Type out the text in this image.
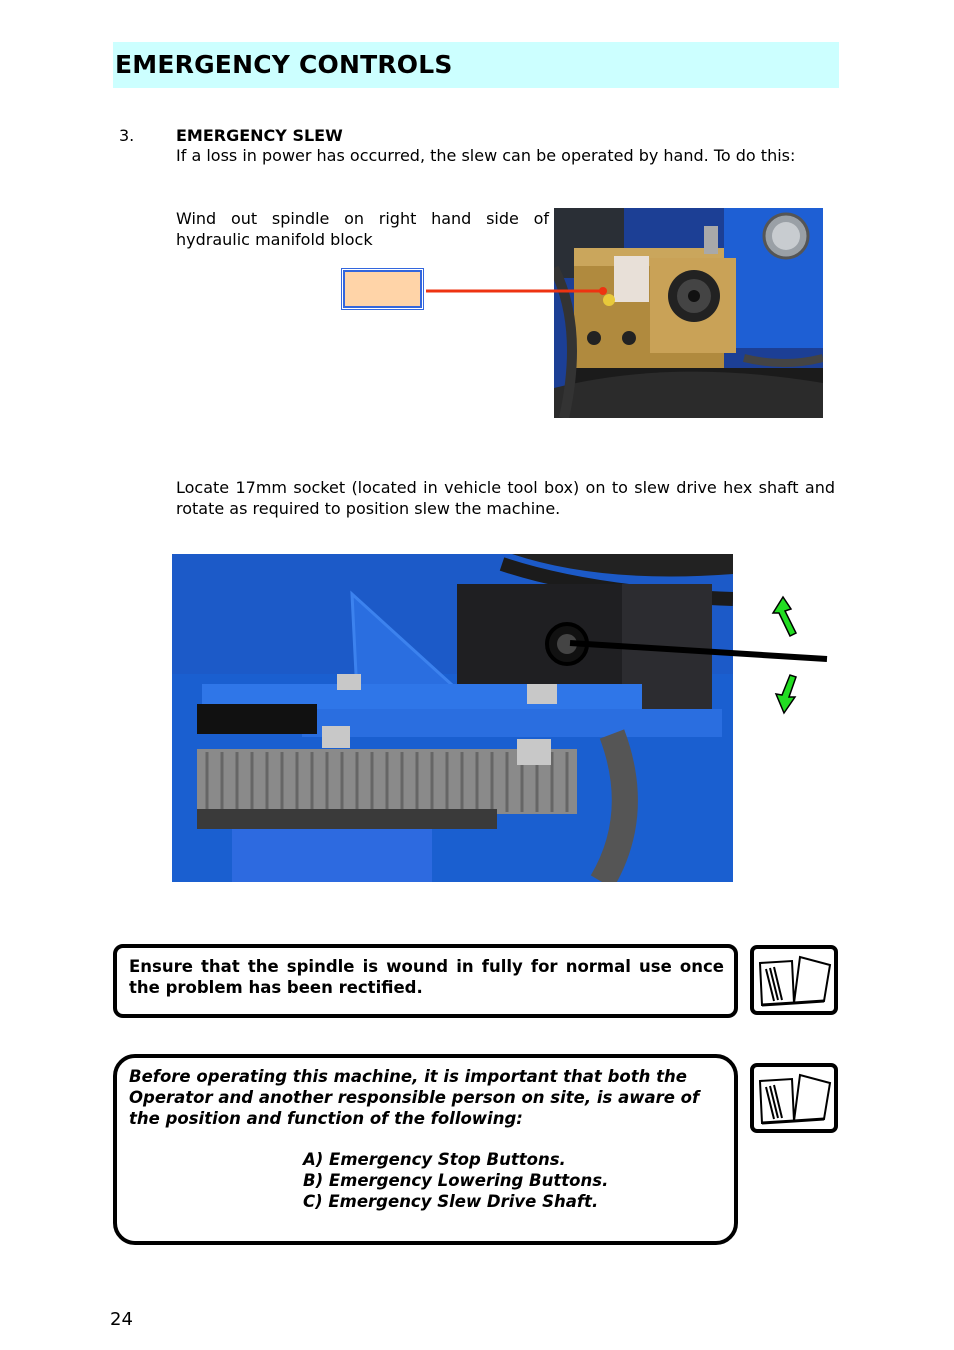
EMERGENCY CONTROLS
3.	EMERGENCY SLEW
If a loss in power has occurred, the slew can be operated by hand. To do this:
Wind out spindle on right hand side of hydraulic manifold block
Locate 17mm socket (located in vehicle tool box) on to slew drive hex shaft and rotate as required to position slew the machine.
Ensure that the spindle is wound in fully for normal use once the problem has been rectified.
Before operating this machine, it is important that both the Operator and another responsible person on site, is aware of the position and function of the following:
A) Emergency Stop Buttons.
B) Emergency Lowering Buttons.
C) Emergency Slew Drive Shaft.
24
